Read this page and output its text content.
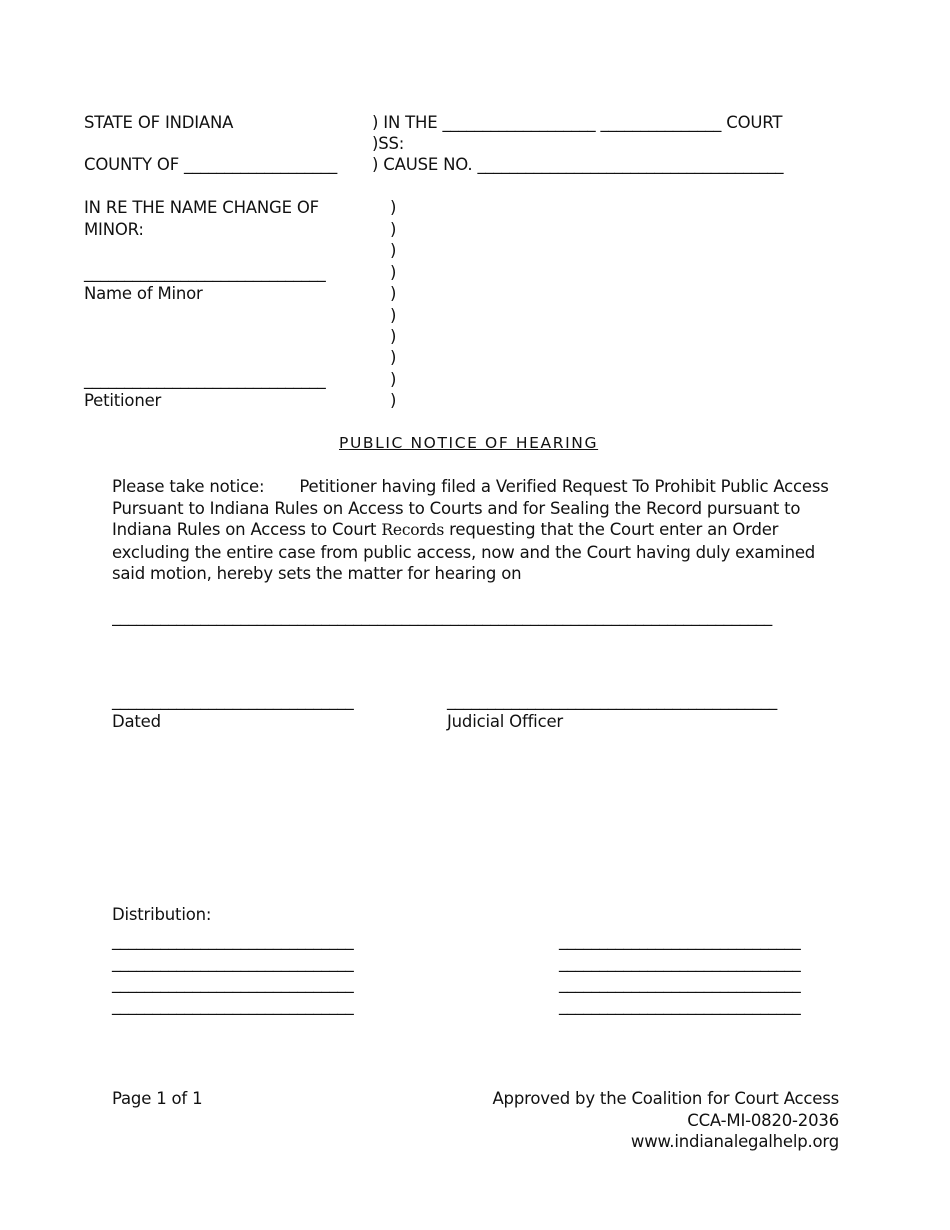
STATE OF INDIANA	) IN THE ___________________ _______________ COURT
)SS:
COUNTY OF ___________________ ) CAUSE NO. ______________________________________
IN RE THE NAME CHANGE OF
MINOR:
______________________________
Name of Minor
______________________________
Petitioner
)
)
)
)
)
)
)
)
)
)
PUBLIC NOTICE OF HEARING
Please take notice: Petitioner having filed a Verified Request To Prohibit Public Access Pursuant to Indiana Rules on Access to Courts and for Sealing the Record pursuant to Indiana Rules on Access to Court Records requesting that the Court enter an Order excluding the entire case from public access, now and the Court having duly examined said motion, hereby sets the matter for hearing on
__________________________________________________________________________________
______________________________
Dated
_________________________________________
Judicial Officer
Distribution:
______________________________
______________________________
______________________________
______________________________
______________________________
______________________________
______________________________
______________________________
Page 1 of 1	Approved by the Coalition for Court Access
CCA-MI-0820-2036
www.indianalegalhelp.org
